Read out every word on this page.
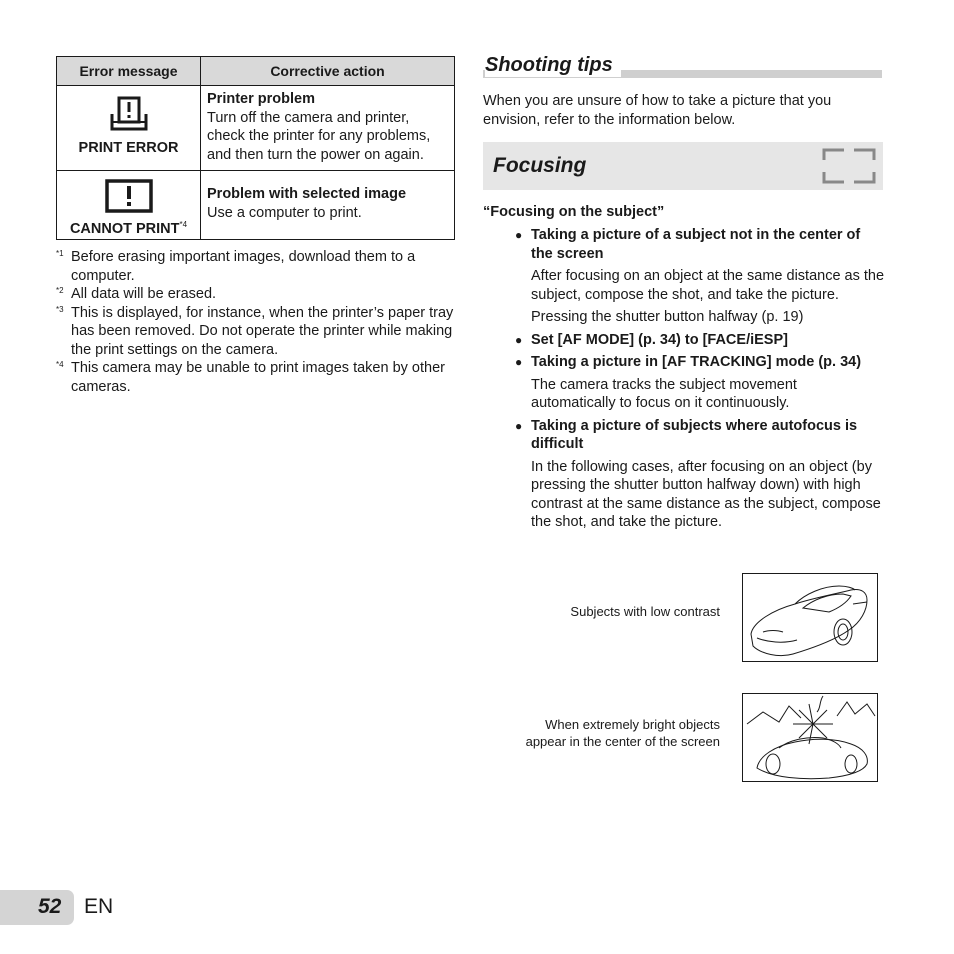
Error message	Corrective action

PRINT ERROR	Printer problem
Turn off the camera and printer, check the printer for any problems, and then turn the power on again.

CANNOT PRINT$^{*4}$	Problem with selected image
Use a computer to print.
*1 Before erasing important images, download them to a computer.
*2 All data will be erased.
*3 This is displayed, for instance, when the printer’s paper tray has been removed. Do not operate the printer while making the print settings on the camera.
*4 This camera may be unable to print images taken by other cameras.
Shooting tips
When you are unsure of how to take a picture that you envision, refer to the information below.
Focusing
“Focusing on the subject”
● Taking a picture of a subject not in the center of the screen
After focusing on an object at the same distance as the subject, compose the shot, and take the picture.
Pressing the shutter button halfway (p. 19)
● Set [AF MODE] (p. 34) to [FACE/iESP]
● Taking a picture in [AF TRACKING] mode (p. 34)
The camera tracks the subject movement automatically to focus on it continuously.
● Taking a picture of subjects where autofocus is difficult
In the following cases, after focusing on an object (by pressing the shutter button halfway down) with high contrast at the same distance as the subject, compose the shot, and take the picture.
Subjects with low contrast
When extremely bright objects
appear in the center of the screen
52 EN
